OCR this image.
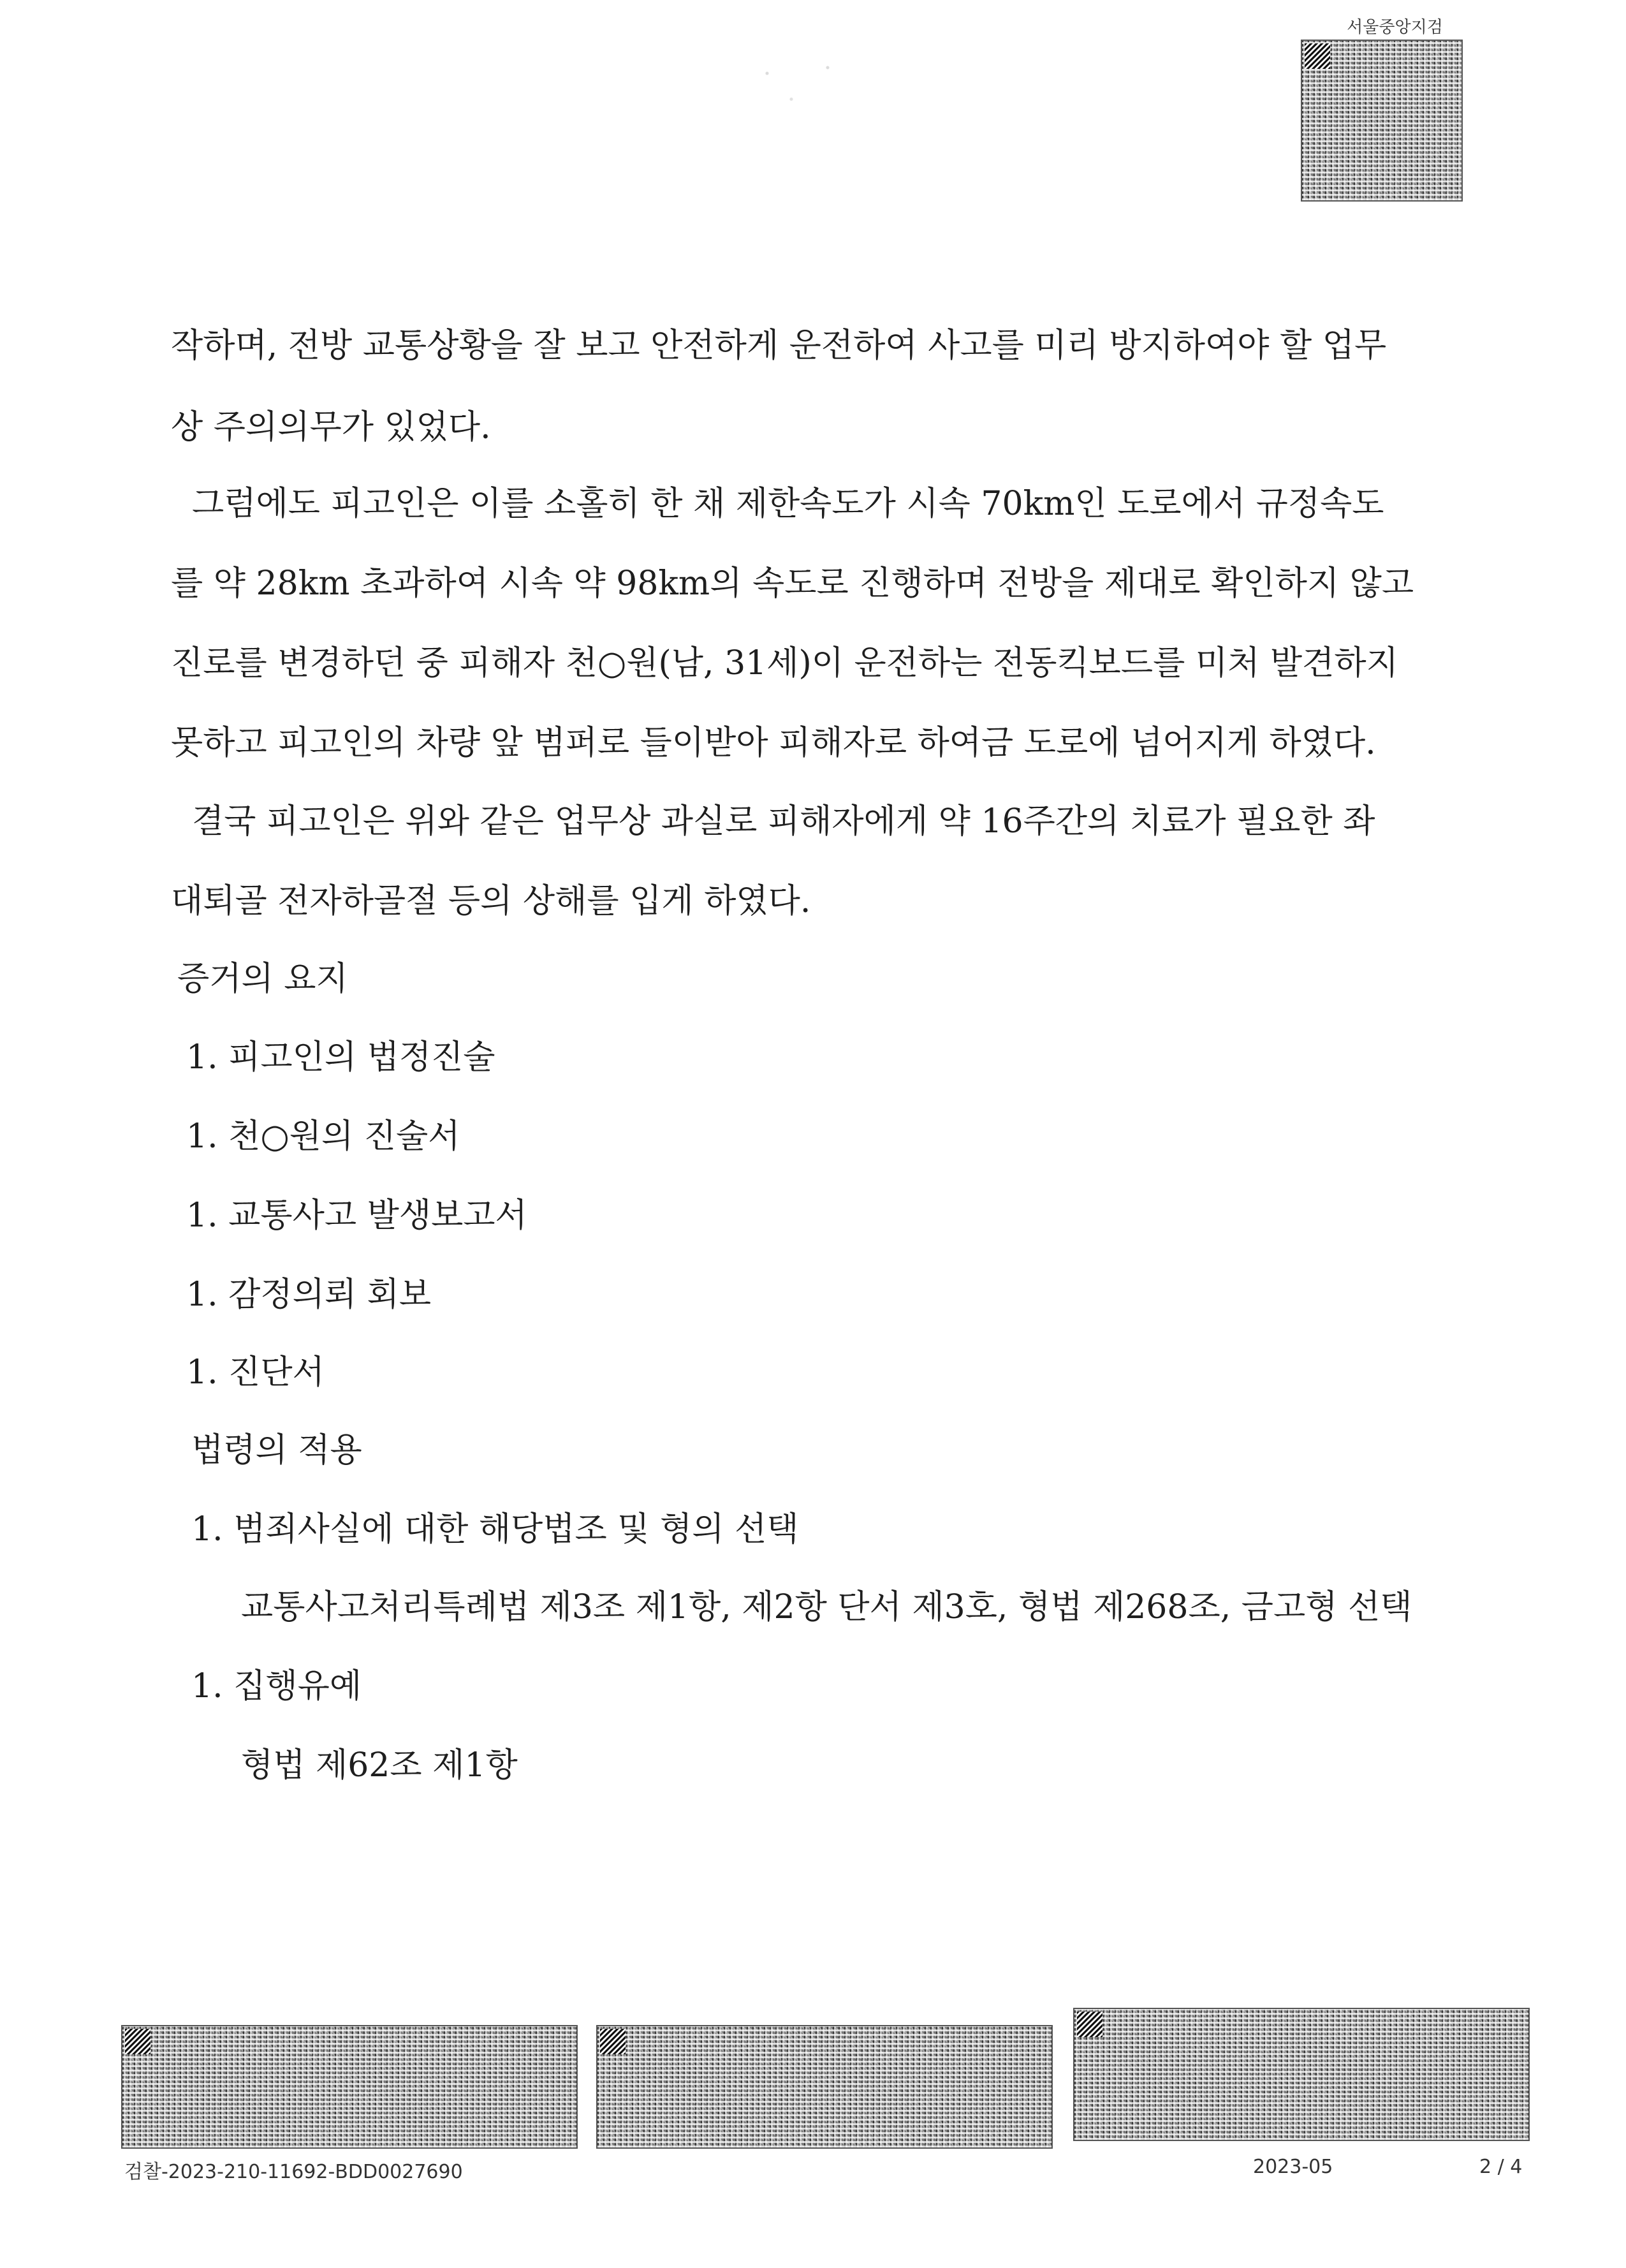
서울중앙지검
작하며, 전방 교통상황을 잘 보고 안전하게 운전하여 사고를 미리 방지하여야 할 업무
상 주의의무가 있었다.
그럼에도 피고인은 이를 소홀히 한 채 제한속도가 시속 70km인 도로에서 규정속도
를 약 28km 초과하여 시속 약 98km의 속도로 진행하며 전방을 제대로 확인하지 않고
진로를 변경하던 중 피해자 천○원(남, 31세)이 운전하는 전동킥보드를 미처 발견하지
못하고 피고인의 차량 앞 범퍼로 들이받아 피해자로 하여금 도로에 넘어지게 하였다.
결국 피고인은 위와 같은 업무상 과실로 피해자에게 약 16주간의 치료가 필요한 좌
대퇴골 전자하골절 등의 상해를 입게 하였다.
증거의 요지
1. 피고인의 법정진술
1. 천○원의 진술서
1. 교통사고 발생보고서
1. 감정의뢰 회보
1. 진단서
법령의 적용
1. 범죄사실에 대한 해당법조 및 형의 선택
교통사고처리특례법 제3조 제1항, 제2항 단서 제3호, 형법 제268조, 금고형 선택
1. 집행유예
형법 제62조 제1항
검찰-2023-210-11692-BDD0027690	2023-05	2 / 4
